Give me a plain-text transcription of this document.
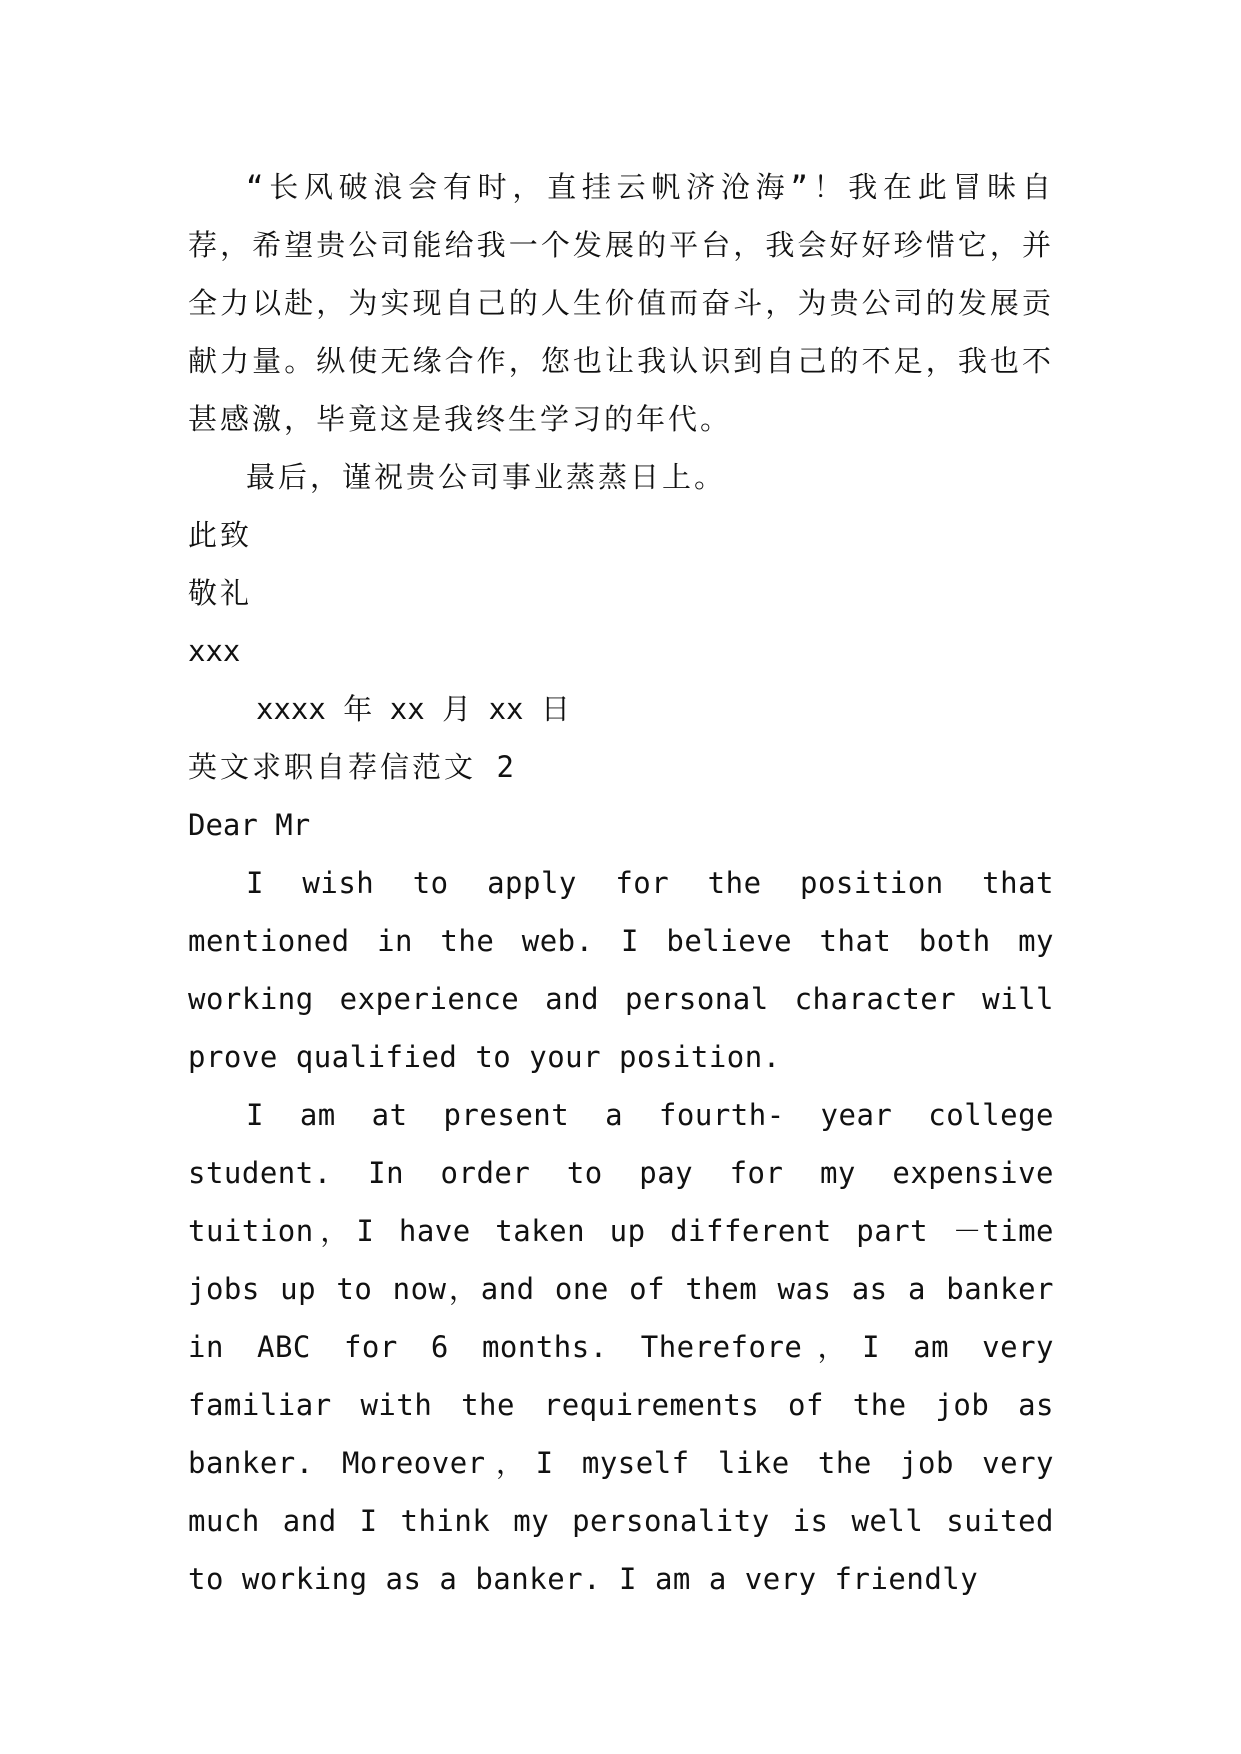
“长风破浪会有时，直挂云帆济沧海”！我在此冒昧自荐，希望贵公司能给我一个发展的平台，我会好好珍惜它，并全力以赴，为实现自己的人生价值而奋斗，为贵公司的发展贡献力量。纵使无缘合作，您也让我认识到自己的不足，我也不甚感激，毕竟这是我终生学习的年代。

最后，谨祝贵公司事业蒸蒸日上。

此致

敬礼

xxx

xxxx 年 xx 月 xx 日

英文求职自荐信范文 2

Dear Mr

I wish to apply for the position that mentioned in the web. I believe that both my working experience and personal character will prove qualified to your position.

I am at present a fourth- year college student. In order to pay for my expensive tuition，I have taken up different part －time jobs up to now，and one of them was as a banker in ABC for 6 months. Therefore，I am very familiar with the requirements of the job as banker. Moreover，I myself like the job very much and I think my personality is well suited to working as a banker. I am a very friendly
